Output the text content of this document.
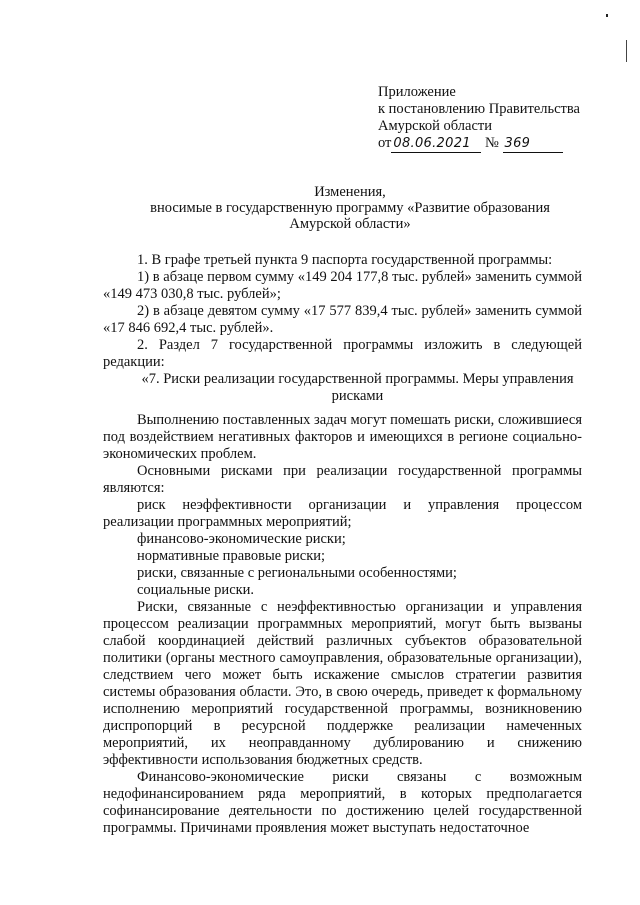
Приложение
к постановлению Правительства
Амурской области
от 08.06.2021 № 369
Изменения,
вносимые в государственную программу «Развитие образования
Амурской области»

1. В графе третьей пункта 9 паспорта государственной программы:

1) в абзаце первом сумму «149 204 177,8 тыс. рублей» заменить суммой «149 473 030,8 тыс. рублей»;

2) в абзаце девятом сумму «17 577 839,4 тыс. рублей» заменить суммой «17 846 692,4 тыс. рублей».

2. Раздел 7 государственной программы изложить в следующей редакции:

«7. Риски реализации государственной программы. Меры управления рисками

Выполнению поставленных задач могут помешать риски, сложившиеся под воздействием негативных факторов и имеющихся в регионе социально-экономических проблем.

Основными рисками при реализации государственной программы являются:

риск неэффективности организации и управления процессом реализации программных мероприятий;

финансово-экономические риски;

нормативные правовые риски;

риски, связанные с региональными особенностями;

социальные риски.

Риски, связанные с неэффективностью организации и управления процессом реализации программных мероприятий, могут быть вызваны слабой координацией действий различных субъектов образовательной политики (органы местного самоуправления, образовательные организации), следствием чего может быть искажение смыслов стратегии развития системы образования области. Это, в свою очередь, приведет к формальному исполнению мероприятий государственной программы, возникновению диспропорций в ресурсной поддержке реализации намеченных мероприятий, их неоправданному дублированию и снижению эффективности использования бюджетных средств.

Финансово-экономические риски связаны с возможным недофинансированием ряда мероприятий, в которых предполагается софинансирование деятельности по достижению целей государственной программы. Причинами проявления может выступать недостаточное
